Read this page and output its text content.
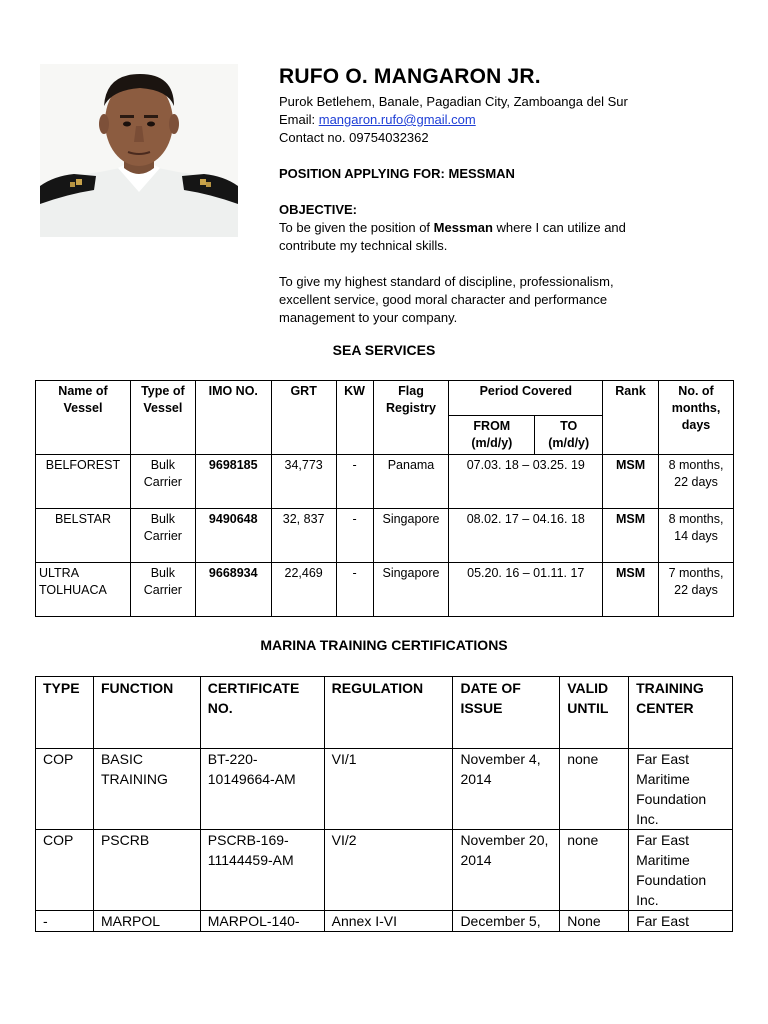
RUFO O. MANGARON JR.
Purok Betlehem, Banale, Pagadian City, Zamboanga del Sur
Email: mangaron.rufo@gmail.com
Contact no. 09754032362
POSITION APPLYING FOR: MESSMAN
OBJECTIVE:
To be given the position of Messman where I can utilize and
contribute my technical skills.
To give my highest standard of discipline, professionalism,
excellent service, good moral character and performance
management to your company.
SEA SERVICES
Name of Vessel	Type of Vessel	IMO NO.	GRT	KW	Flag Registry	Period Covered		Rank	No. of months, days
						FROM (m/d/y)	TO (m/d/y)		
BELFOREST	Bulk Carrier	9698185	34,773	-	Panama	07.03. 18 – 03.25. 19		MSM	8 months, 22 days
BELSTAR	Bulk Carrier	9490648	32, 837	-	Singapore	08.02. 17 – 04.16. 18		MSM	8 months, 14 days
ULTRA TOLHUACA	Bulk Carrier	9668934	22,469	-	Singapore	05.20. 16 – 01.11. 17		MSM	7 months, 22 days
MARINA TRAINING CERTIFICATIONS
TYPE	FUNCTION	CERTIFICATE NO.	REGULATION	DATE OF ISSUE	VALID UNTIL	TRAINING CENTER
COP	BASIC TRAINING	BT-220-10149664-AM	VI/1	November 4, 2014	none	Far East Maritime Foundation Inc.
COP	PSCRB	PSCRB-169-11144459-AM	VI/2	November 20, 2014	none	Far East Maritime Foundation Inc.
-	MARPOL	MARPOL-140-	Annex I-VI	December 5,	None	Far East
